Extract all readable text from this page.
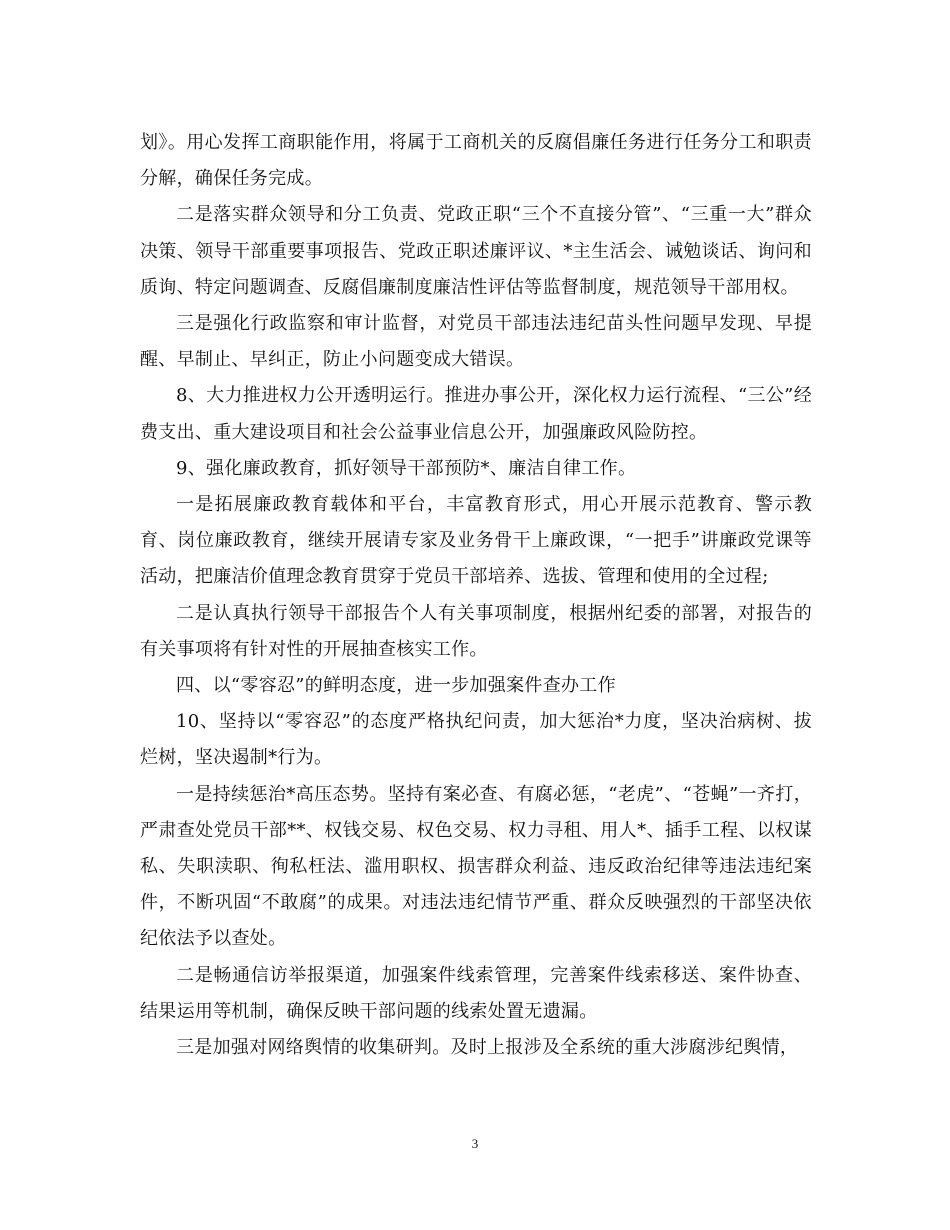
划》。用心发挥工商职能作用，将属于工商机关的反腐倡廉任务进行任务分工和职责分解，确保任务完成。

二是落实群众领导和分工负责、党政正职“三个不直接分管”、“三重一大”群众决策、领导干部重要事项报告、党政正职述廉评议、*主生活会、诫勉谈话、询问和质询、特定问题调查、反腐倡廉制度廉洁性评估等监督制度，规范领导干部用权。

三是强化行政监察和审计监督，对党员干部违法违纪苗头性问题早发现、早提醒、早制止、早纠正，防止小问题变成大错误。

8、大力推进权力公开透明运行。推进办事公开，深化权力运行流程、“三公”经费支出、重大建设项目和社会公益事业信息公开，加强廉政风险防控。

9、强化廉政教育，抓好领导干部预防*、廉洁自律工作。

一是拓展廉政教育载体和平台，丰富教育形式，用心开展示范教育、警示教育、岗位廉政教育，继续开展请专家及业务骨干上廉政课，“一把手”讲廉政党课等活动，把廉洁价值理念教育贯穿于党员干部培养、选拔、管理和使用的全过程;

二是认真执行领导干部报告个人有关事项制度，根据州纪委的部署，对报告的有关事项将有针对性的开展抽查核实工作。

四、以“零容忍”的鲜明态度，进一步加强案件查办工作

10、坚持以“零容忍”的态度严格执纪问责，加大惩治*力度，坚决治病树、拔烂树，坚决遏制*行为。

一是持续惩治*高压态势。坚持有案必查、有腐必惩，“老虎”、“苍蝇”一齐打，严肃查处党员干部**、权钱交易、权色交易、权力寻租、用人*、插手工程、以权谋私、失职渎职、徇私枉法、滥用职权、损害群众利益、违反政治纪律等违法违纪案件，不断巩固“不敢腐”的成果。对违法违纪情节严重、群众反映强烈的干部坚决依纪依法予以查处。

二是畅通信访举报渠道，加强案件线索管理，完善案件线索移送、案件协查、结果运用等机制，确保反映干部问题的线索处置无遗漏。

三是加强对网络舆情的收集研判。及时上报涉及全系统的重大涉腐涉纪舆情，

3
